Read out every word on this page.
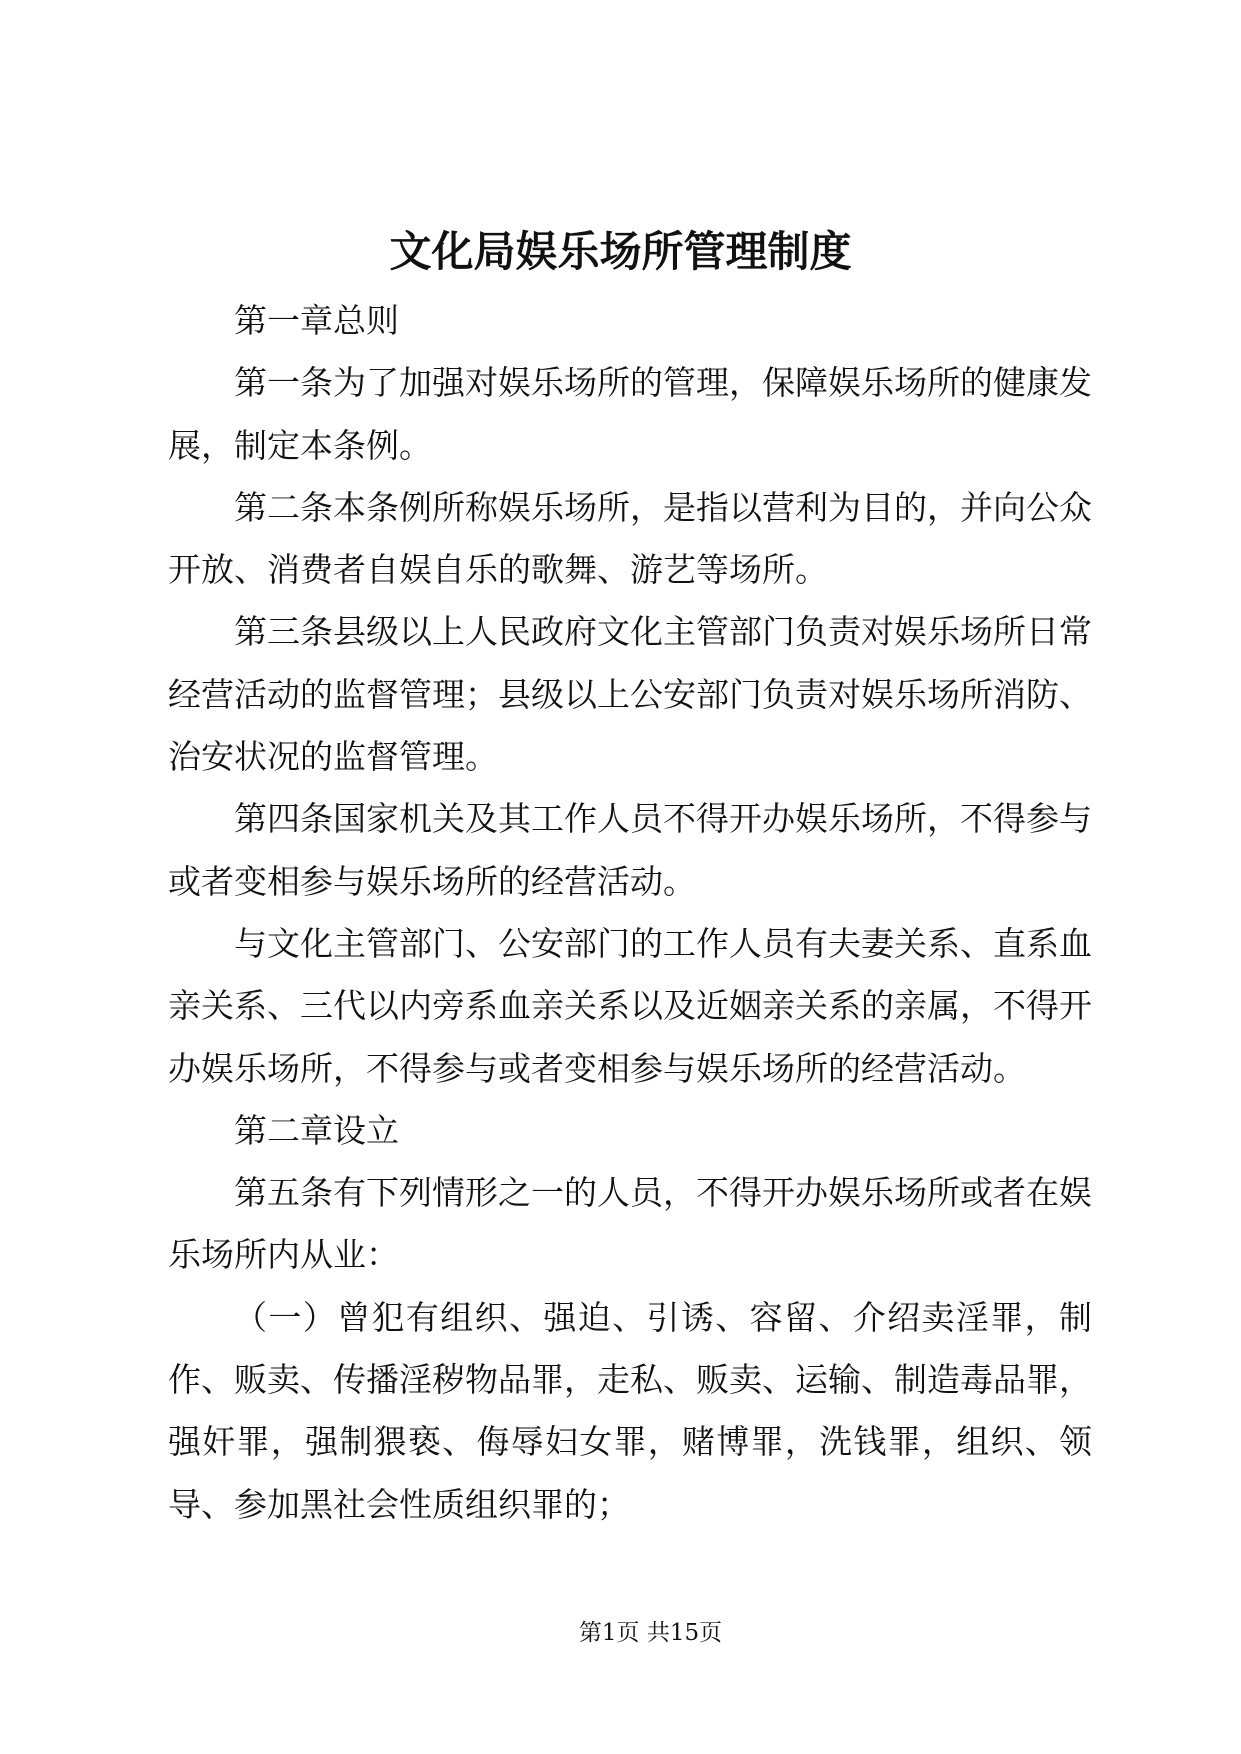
文化局娱乐场所管理制度

第一章总则

第一条为了加强对娱乐场所的管理，保障娱乐场所的健康发展，制定本条例。

第二条本条例所称娱乐场所，是指以营利为目的，并向公众开放、消费者自娱自乐的歌舞、游艺等场所。

第三条县级以上人民政府文化主管部门负责对娱乐场所日常经营活动的监督管理；县级以上公安部门负责对娱乐场所消防、治安状况的监督管理。

第四条国家机关及其工作人员不得开办娱乐场所，不得参与或者变相参与娱乐场所的经营活动。

与文化主管部门、公安部门的工作人员有夫妻关系、直系血亲关系、三代以内旁系血亲关系以及近姻亲关系的亲属，不得开办娱乐场所，不得参与或者变相参与娱乐场所的经营活动。

第二章设立

第五条有下列情形之一的人员，不得开办娱乐场所或者在娱乐场所内从业：

（一）曾犯有组织、强迫、引诱、容留、介绍卖淫罪，制作、贩卖、传播淫秽物品罪，走私、贩卖、运输、制造毒品罪，强奸罪，强制猥亵、侮辱妇女罪，赌博罪，洗钱罪，组织、领导、参加黑社会性质组织罪的；

第1页 共15页
